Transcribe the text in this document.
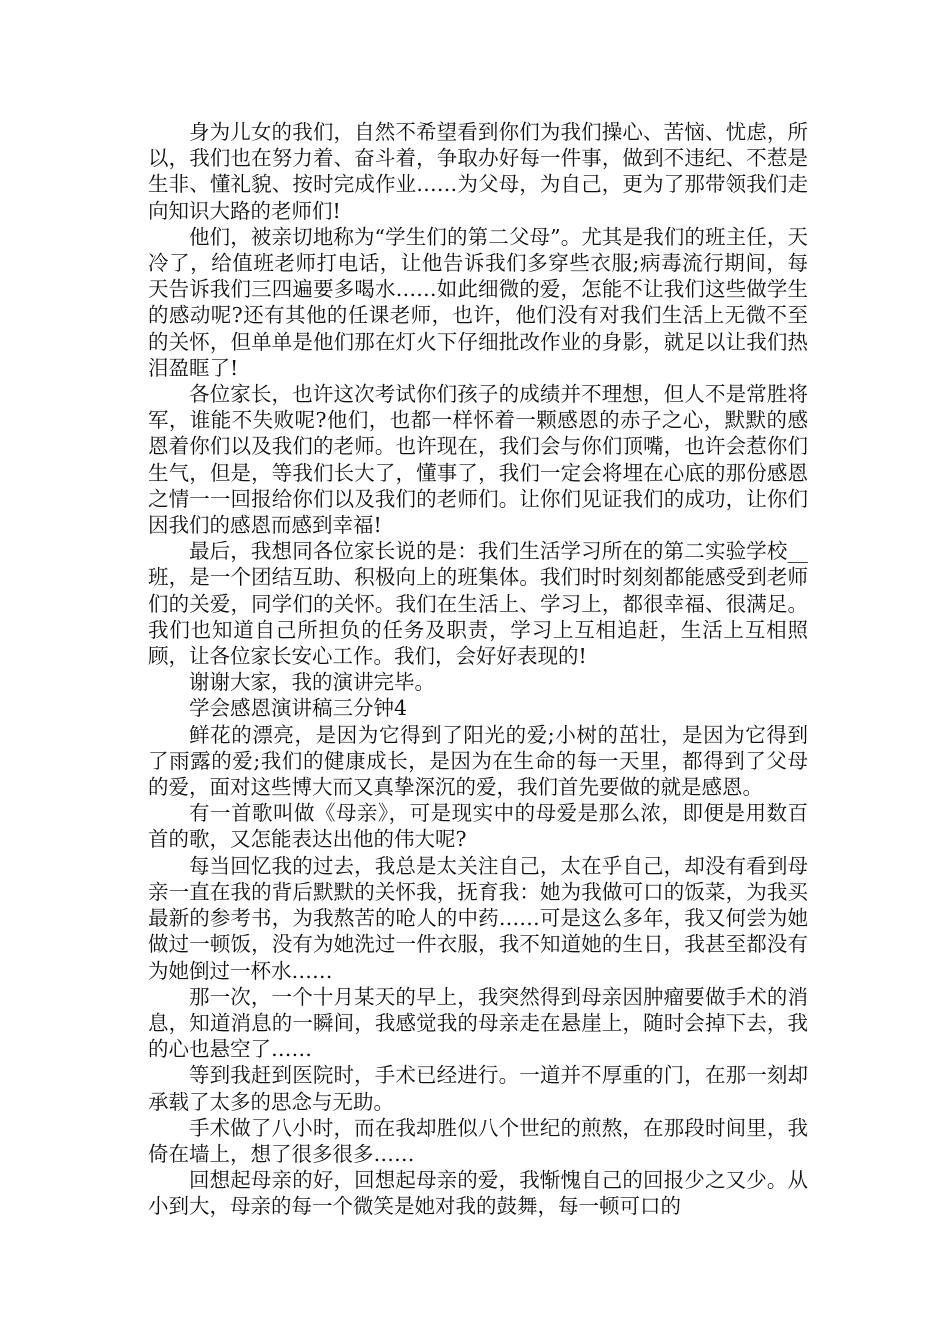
身为儿女的我们，自然不希望看到你们为我们操心、苦恼、忧虑，所以，我们也在努力着、奋斗着，争取办好每一件事，做到不违纪、不惹是生非、懂礼貌、按时完成作业……为父母，为自己，更为了那带领我们走向知识大路的老师们!

他们，被亲切地称为“学生们的第二父母”。尤其是我们的班主任，天冷了，给值班老师打电话，让他告诉我们多穿些衣服;病毒流行期间，每天告诉我们三四遍要多喝水……如此细微的爱，怎能不让我们这些做学生的感动呢?还有其他的任课老师，也许，他们没有对我们生活上无微不至的关怀，但单单是他们那在灯火下仔细批改作业的身影，就足以让我们热泪盈眶了!

各位家长，也许这次考试你们孩子的成绩并不理想，但人不是常胜将军，谁能不失败呢?他们，也都一样怀着一颗感恩的赤子之心，默默的感恩着你们以及我们的老师。也许现在，我们会与你们顶嘴，也许会惹你们生气，但是，等我们长大了，懂事了，我们一定会将埋在心底的那份感恩之情一一回报给你们以及我们的老师们。让你们见证我们的成功，让你们因我们的感恩而感到幸福!

最后，我想同各位家长说的是：我们生活学习所在的第二实验学校__班，是一个团结互助、积极向上的班集体。我们时时刻刻都能感受到老师们的关爱，同学们的关怀。我们在生活上、学习上，都很幸福、很满足。我们也知道自己所担负的任务及职责，学习上互相追赶，生活上互相照顾，让各位家长安心工作。我们，会好好表现的!

谢谢大家，我的演讲完毕。

学会感恩演讲稿三分钟4

鲜花的漂亮，是因为它得到了阳光的爱;小树的茁壮，是因为它得到了雨露的爱;我们的健康成长，是因为在生命的每一天里，都得到了父母的爱，面对这些博大而又真挚深沉的爱，我们首先要做的就是感恩。

有一首歌叫做《母亲》，可是现实中的母爱是那么浓，即便是用数百首的歌，又怎能表达出他的伟大呢?

每当回忆我的过去，我总是太关注自己，太在乎自己，却没有看到母亲一直在我的背后默默的关怀我，抚育我：她为我做可口的饭菜，为我买最新的参考书，为我熬苦的呛人的中药……可是这么多年，我又何尝为她做过一顿饭，没有为她洗过一件衣服，我不知道她的生日，我甚至都没有为她倒过一杯水……

那一次，一个十月某天的早上，我突然得到母亲因肿瘤要做手术的消息，知道消息的一瞬间，我感觉我的母亲走在悬崖上，随时会掉下去，我的心也悬空了……

等到我赶到医院时，手术已经进行。一道并不厚重的门，在那一刻却承载了太多的思念与无助。

手术做了八小时，而在我却胜似八个世纪的煎熬，在那段时间里，我倚在墙上，想了很多很多……

回想起母亲的好，回想起母亲的爱，我惭愧自己的回报少之又少。从小到大，母亲的每一个微笑是她对我的鼓舞，每一顿可口的
